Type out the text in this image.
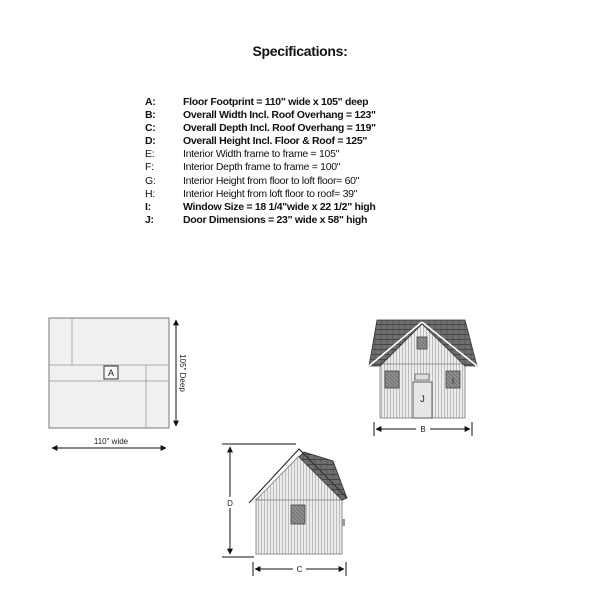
Specifications:
A:	Floor Footprint = 110" wide x 105" deep
B:	Overall Width Incl. Roof Overhang = 123"
C:	Overall Depth Incl. Roof Overhang = 119"
D:	Overall Height Incl. Floor & Roof = 125"
E:	Interior Width frame to frame = 105"
F:	Interior Depth frame to frame = 100"
G:	Interior Height from floor to loft floor= 60"
H:	Interior Height from loft floor to roof= 39"
I:	Window Size = 18 1/4"wide x 22 1/2" high
J:	Door Dimensions = 23" wide x 58" high
A
110" wide
105" Deep	I
J
B
D
C
